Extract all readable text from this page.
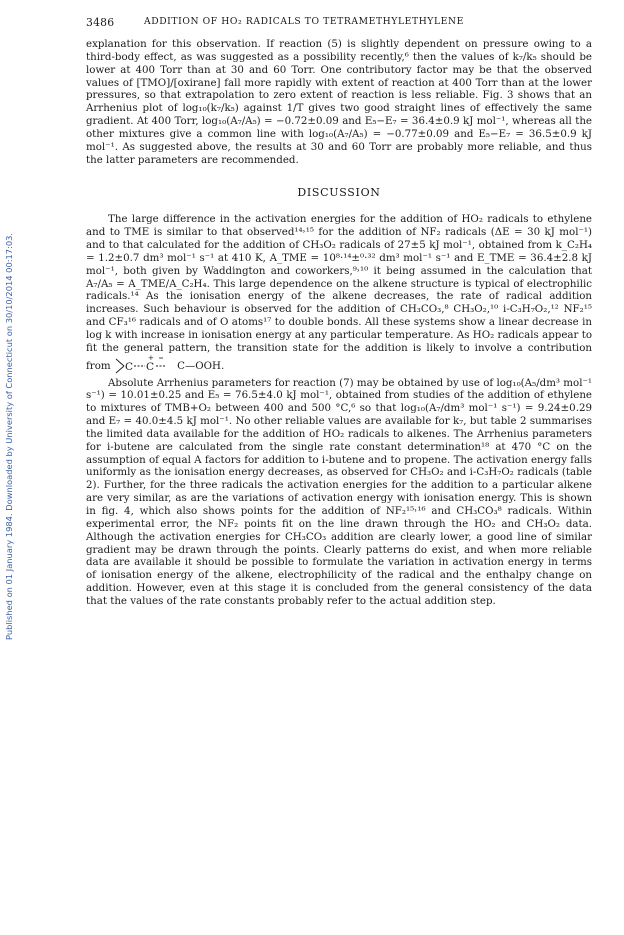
3486	ADDITION OF HO₂ RADICALS TO TETRAMETHYLETHYLENE
Published on 01 January 1984. Downloaded by University of Connecticut on 30/10/2014 00:17:03.

explanation for this observation. If reaction (5) is slightly dependent on pressure owing to a third-body effect, as was suggested as a possibility recently,⁶ then the values of k₇/k₅ should be lower at 400 Torr than at 30 and 60 Torr. One contributory factor may be that the observed values of [TMO]/[oxirane] fall more rapidly with extent of reaction at 400 Torr than at the lower pressures, so that extrapolation to zero extent of reaction is less reliable. Fig. 3 shows that an Arrhenius plot of log₁₀(k₇/k₅) against 1/T gives two good straight lines of effectively the same gradient. At 400 Torr, log₁₀(A₇/A₅) = −0.72±0.09 and E₅−E₇ = 36.4±0.9 kJ mol⁻¹, whereas all the other mixtures give a common line with log₁₀(A₇/A₅) = −0.77±0.09 and E₅−E₇ = 36.5±0.9 kJ mol⁻¹. As suggested above, the results at 30 and 60 Torr are probably more reliable, and thus the latter parameters are recommended.

DISCUSSION

The large difference in the activation energies for the addition of HO₂ radicals to ethylene and to TME is similar to that observed¹⁴˒¹⁵ for the addition of NF₂ radicals (ΔE = 30 kJ mol⁻¹) and to that calculated for the addition of CH₃O₂ radicals of 27±5 kJ mol⁻¹, obtained from k_C₂H₄ = 1.2±0.7 dm³ mol⁻¹ s⁻¹ at 410 K, A_TME = 10⁸·¹⁴±⁰·³² dm³ mol⁻¹ s⁻¹ and E_TME = 36.4±2.8 kJ mol⁻¹, both given by Waddington and coworkers,⁹˒¹⁰ it being assumed in the calculation that A₇/A₅ = A_TME/A_C₂H₄. This large dependence on the alkene structure is typical of electrophilic radicals.¹⁴ As the ionisation energy of the alkene decreases, the rate of radical addition increases. Such behaviour is observed for the addition of CH₃CO₃,⁸ CH₃O₂,¹⁰ i-C₃H₇O₂,¹² NF₂¹⁵ and CF₃¹⁶ radicals and of O atoms¹⁷ to double bonds. All these systems show a linear decrease in log k with increase in ionisation energy at any particular temperature. As HO₂ radicals appear to fit the general pattern, the transition state for the addition is likely to involve a contribution from C C
+
C—OOH.

Absolute Arrhenius parameters for reaction (7) may be obtained by use of log₁₀(A₅/dm³ mol⁻¹ s⁻¹) = 10.01±0.25 and E₅ = 76.5±4.0 kJ mol⁻¹, obtained from studies of the addition of ethylene to mixtures of TMB+O₂ between 400 and 500 °C,⁶ so that log₁₀(A₇/dm³ mol⁻¹ s⁻¹) = 9.24±0.29 and E₇ = 40.0±4.5 kJ mol⁻¹. No other reliable values are available for k₇, but table 2 summarises the limited data available for the addition of HO₂ radicals to alkenes. The Arrhenius parameters for i-butene are calculated from the single rate constant determination¹⁸ at 470 °C on the assumption of equal A factors for addition to i-butene and to propene. The activation energy falls uniformly as the ionisation energy decreases, as observed for CH₃O₂ and i-C₃H₇O₂ radicals (table 2). Further, for the three radicals the activation energies for the addition to a particular alkene are very similar, as are the variations of activation energy with ionisation energy. This is shown in fig. 4, which also shows points for the addition of NF₂¹⁵˒¹⁶ and CH₃CO₃⁸ radicals. Within experimental error, the NF₂ points fit on the line drawn through the HO₂ and CH₃O₂ data. Although the activation energies for CH₃CO₃ addition are clearly lower, a good line of similar gradient may be drawn through the points. Clearly patterns do exist, and when more reliable data are available it should be possible to formulate the variation in activation energy in terms of ionisation energy of the alkene, electrophilicity of the radical and the enthalpy change on addition. However, even at this stage it is concluded from the general consistency of the data that the values of the rate constants probably refer to the actual addition step.
